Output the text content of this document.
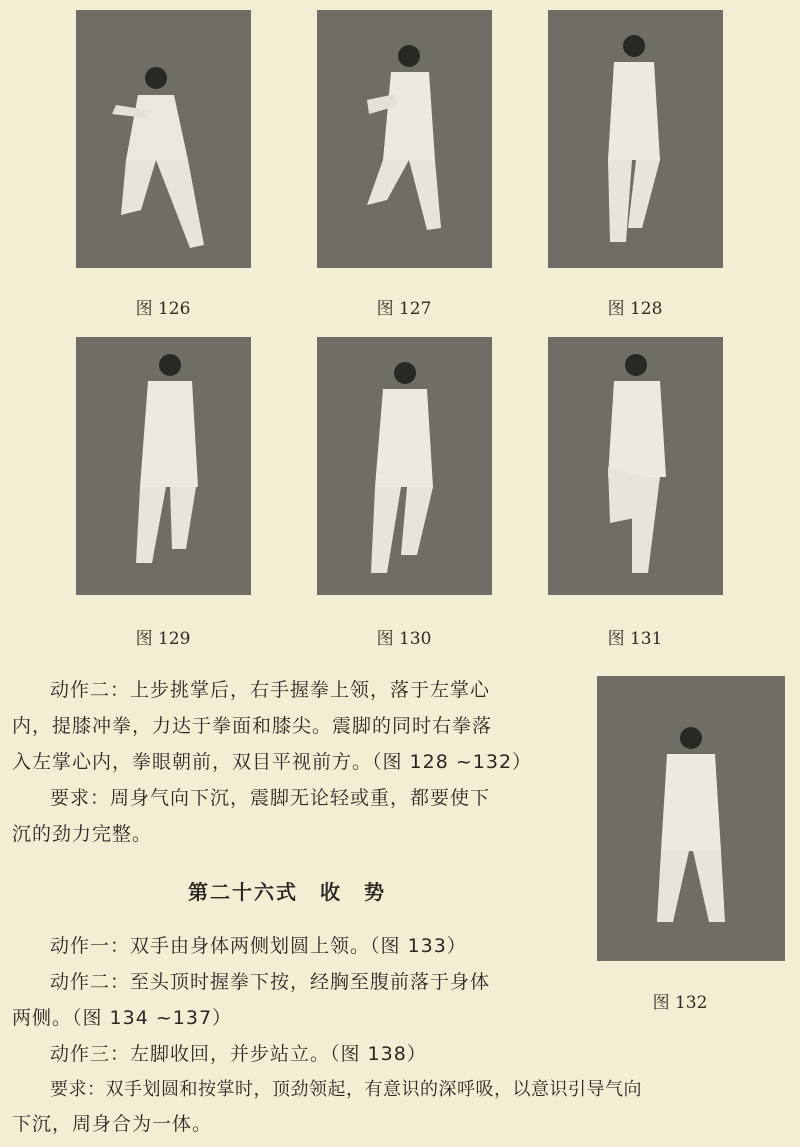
图 126	图 127	图 128
图 129	图 130	图 131
图 132
动作二：上步挑掌后，右手握拳上领，落于左掌心
内，提膝冲拳，力达于拳面和膝尖。震脚的同时右拳落
入左掌心内，拳眼朝前，双目平视前方。（图 128 ~132）
要求：周身气向下沉，震脚无论轻或重，都要使下
沉的劲力完整。
第二十六式　收　势
动作一：双手由身体两侧划圆上领。（图 133）
动作二：至头顶时握拳下按，经胸至腹前落于身体
两侧。（图 134 ~137）
动作三：左脚收回，并步站立。（图 138）
要求：双手划圆和按掌时，顶劲领起，有意识的深呼吸，以意识引导气向
下沉，周身合为一体。
